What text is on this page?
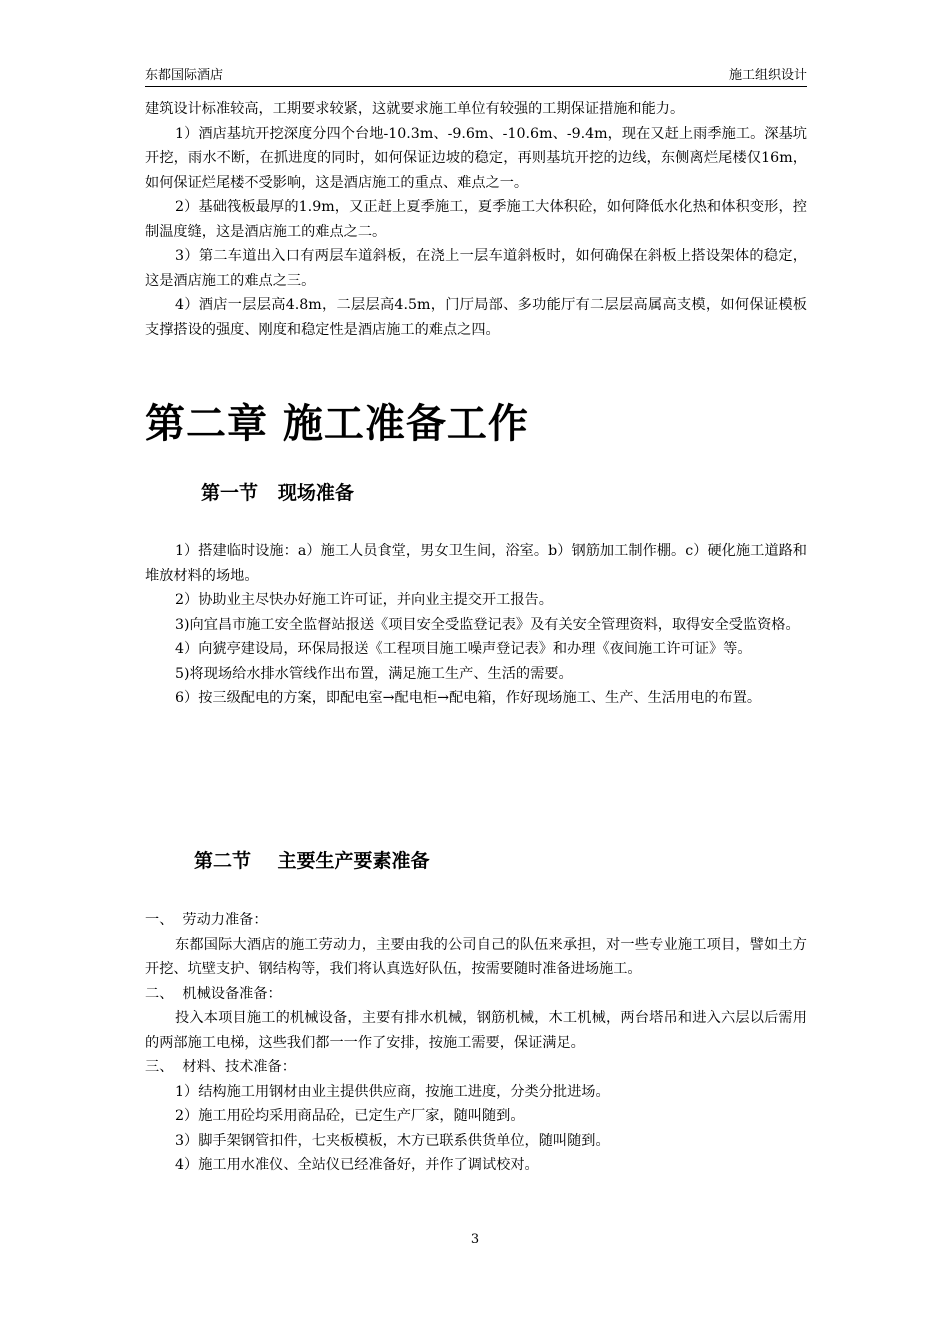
东都国际酒店	施工组织设计

建筑设计标准较高，工期要求较紧，这就要求施工单位有较强的工期保证措施和能力。

1）酒店基坑开挖深度分四个台地-10.3m、-9.6m、-10.6m、-9.4m，现在又赶上雨季施工。深基坑开挖，雨水不断，在抓进度的同时，如何保证边坡的稳定，再则基坑开挖的边线，东侧离烂尾楼仅16m，如何保证烂尾楼不受影响，这是酒店施工的重点、难点之一。

2）基础筏板最厚的1.9m，又正赶上夏季施工，夏季施工大体积砼，如何降低水化热和体积变形，控制温度缝，这是酒店施工的难点之二。

3）第二车道出入口有两层车道斜板，在浇上一层车道斜板时，如何确保在斜板上搭设架体的稳定，这是酒店施工的难点之三。

4）酒店一层层高4.8m，二层层高4.5m，门厅局部、多功能厅有二层层高属高支模，如何保证模板支撑搭设的强度、刚度和稳定性是酒店施工的难点之四。

第二章 施工准备工作
第一节   现场准备

1）搭建临时设施：a）施工人员食堂，男女卫生间，浴室。b）钢筋加工制作棚。c）硬化施工道路和堆放材料的场地。

2）协助业主尽快办好施工许可证，并向业主提交开工报告。

3)向宜昌市施工安全监督站报送《项目安全受监登记表》及有关安全管理资料，取得安全受监资格。

4）向猇亭建设局，环保局报送《工程项目施工噪声登记表》和办理《夜间施工许可证》等。

5)将现场给水排水管线作出布置，满足施工生产、生活的需要。

6）按三级配电的方案，即配电室→配电柜→配电箱，作好现场施工、生产、生活用电的布置。

第二节    主要生产要素准备

一、  劳动力准备：

东都国际大酒店的施工劳动力，主要由我的公司自己的队伍来承担，对一些专业施工项目，譬如土方开挖、坑壁支护、钢结构等，我们将认真选好队伍，按需要随时准备进场施工。

二、  机械设备准备：

投入本项目施工的机械设备，主要有排水机械，钢筋机械，木工机械，两台塔吊和进入六层以后需用的两部施工电梯，这些我们都一一作了安排，按施工需要，保证满足。

三、  材料、技术准备：

1）结构施工用钢材由业主提供供应商，按施工进度，分类分批进场。

2）施工用砼均采用商品砼，已定生产厂家，随叫随到。

3）脚手架钢管扣件，七夹板模板，木方已联系供货单位，随叫随到。

4）施工用水准仪、全站仪已经准备好，并作了调试校对。

3
